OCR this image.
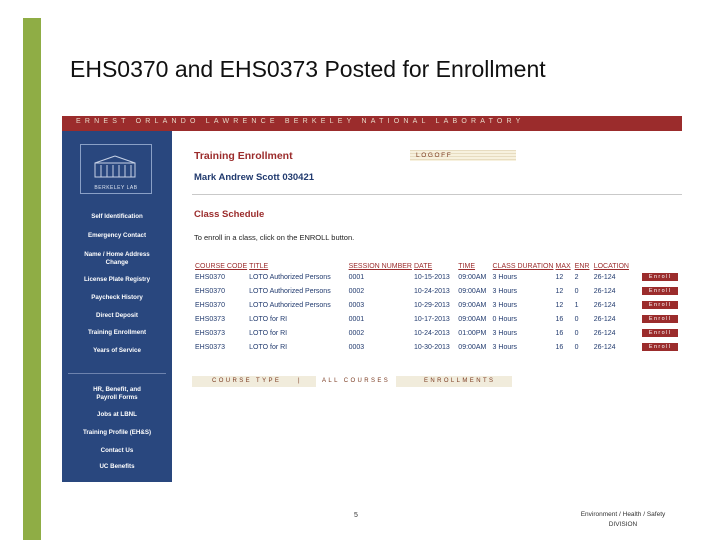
EHS0370 and EHS0373 Posted for Enrollment
ERNEST ORLANDO LAWRENCE BERKELEY NATIONAL LABORATORY
BERKELEY LAB
Self Identification
Emergency Contact
Name / Home Address Change
License Plate Registry
Paycheck History
Direct Deposit
Training Enrollment
Years of Service
HR, Benefit, and Payroll Forms
Jobs at LBNL
Training Profile (EH&S)
Contact Us
UC Benefits
Training Enrollment	LOGOFF
Mark Andrew Scott 030421
Class Schedule
To enroll in a class, click on the ENROLL button.
COURSE CODE	TITLE	SESSION NUMBER	DATE	TIME	CLASS DURATION	MAX	ENR	LOCATION	
EHS0370	LOTO Authorized Persons	0001	10-15-2013	09:00AM	3 Hours	12	2	26-124	Enroll
EHS0370	LOTO Authorized Persons	0002	10-24-2013	09:00AM	3 Hours	12	0	26-124	Enroll
EHS0370	LOTO Authorized Persons	0003	10-29-2013	09:00AM	3 Hours	12	1	26-124	Enroll
EHS0373	LOTO for RI	0001	10-17-2013	09:00AM	0 Hours	16	0	26-124	Enroll
EHS0373	LOTO for RI	0002	10-24-2013	01:00PM	3 Hours	16	0	26-124	Enroll
EHS0373	LOTO for RI	0003	10-30-2013	09:00AM	3 Hours	16	0	26-124	Enroll
COURSE TYPE	|	ALL COURSES	ENROLLMENTS
5	Environment / Health / Safety
DIVISION
